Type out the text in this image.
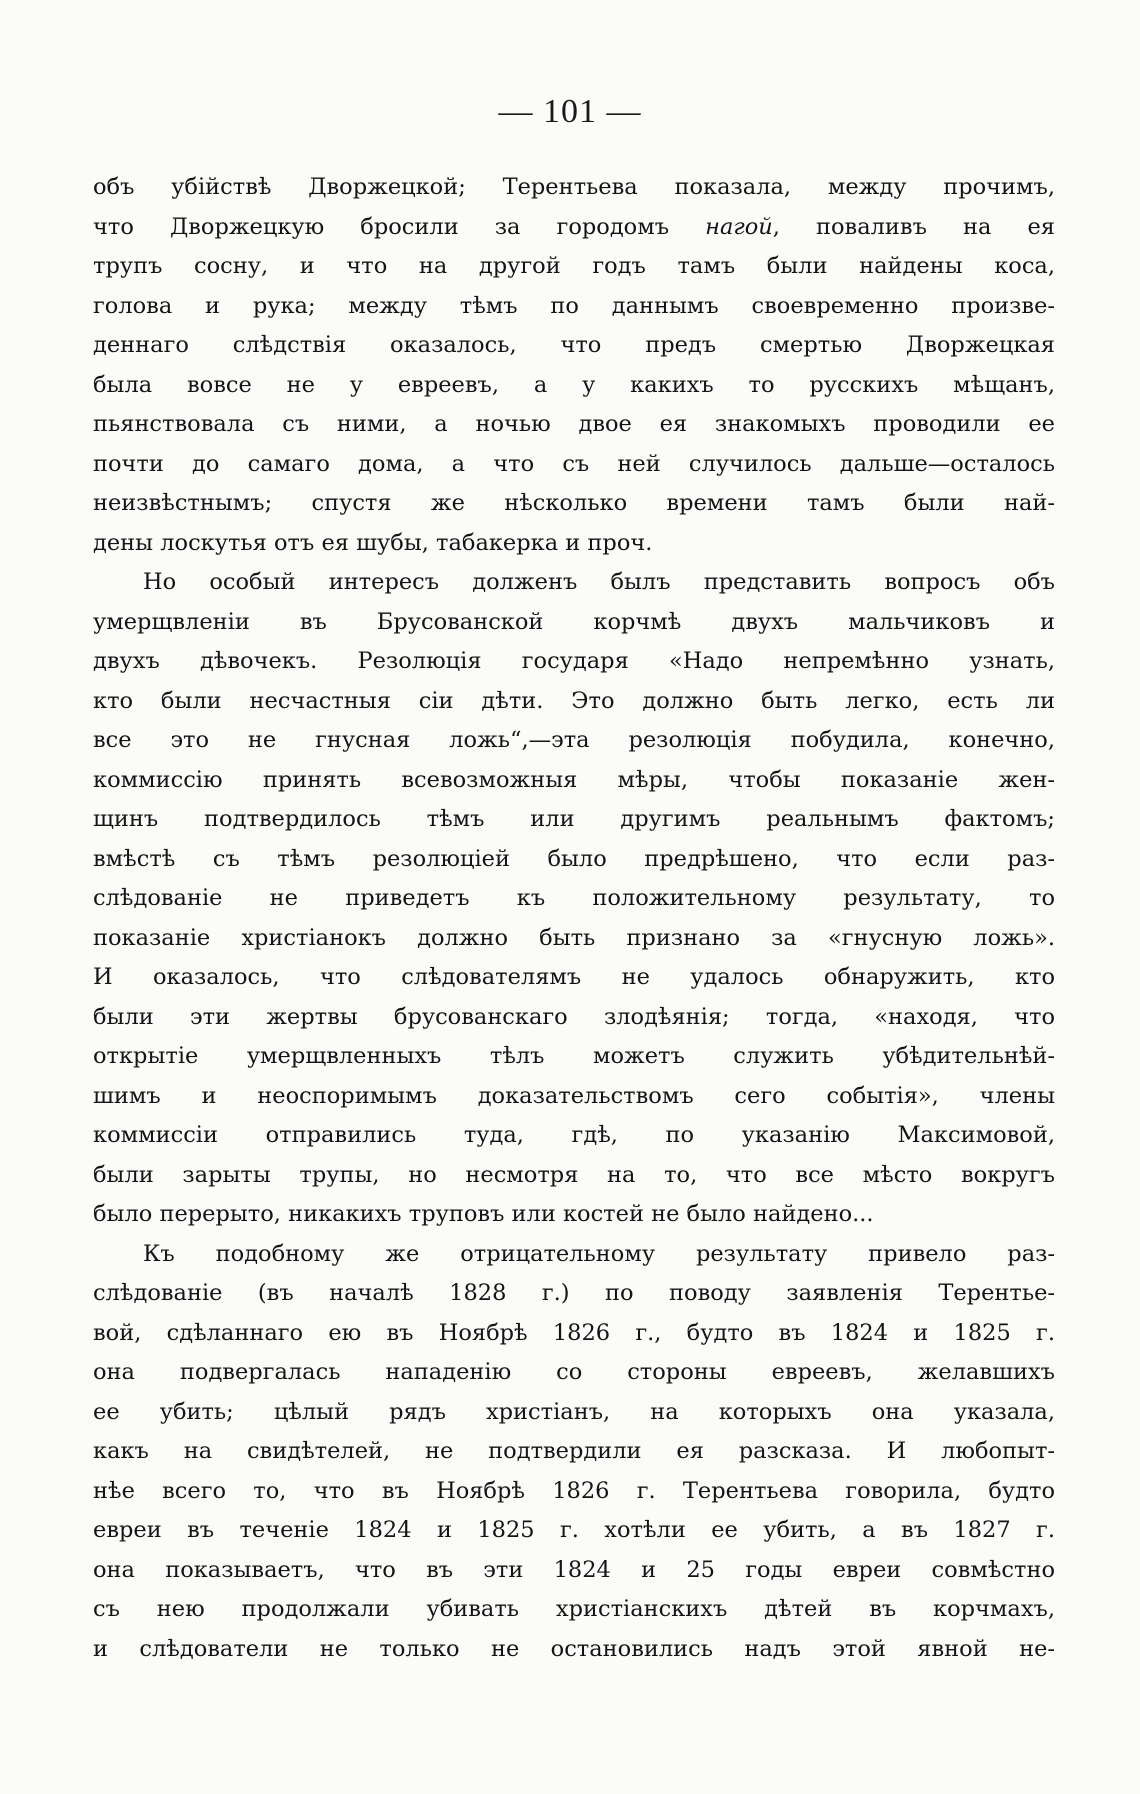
— 101 —
объ убійствѣ Дворжецкой; Терентьева показала, между прочимъ,
что Дворжецкую бросили за городомъ нагой, поваливъ на ея
трупъ сосну, и что на другой годъ тамъ были найдены коса,
голова и рука; между тѣмъ по даннымъ своевременно произве-
деннаго слѣдствія оказалось, что предъ смертью Дворжецкая
была вовсе не у евреевъ, а у какихъ то русскихъ мѣщанъ,
пьянствовала съ ними, а ночью двое ея знакомыхъ проводили ее
почти до самаго дома, а что съ ней случилось дальше—осталось
неизвѣстнымъ; спустя же нѣсколько времени тамъ были най-
дены лоскутья отъ ея шубы, табакерка и проч.
Но особый интересъ долженъ былъ представить вопросъ объ
умерщвленіи въ Брусованской корчмѣ двухъ мальчиковъ и
двухъ дѣвочекъ. Резолюція государя «Надо непремѣнно узнать,
кто были несчастныя сіи дѣти. Это должно быть легко, есть ли
все это не гнусная ложь“,—эта резолюція побудила, конечно,
коммиссію принять всевозможныя мѣры, чтобы показаніе жен-
щинъ подтвердилось тѣмъ или другимъ реальнымъ фактомъ;
вмѣстѣ съ тѣмъ резолюціей было предрѣшено, что если раз-
слѣдованіе не приведетъ къ положительному результату, то
показаніе христіанокъ должно быть признано за «гнусную ложь».
И оказалось, что слѣдователямъ не удалось обнаружить, кто
были эти жертвы брусованскаго злодѣянія; тогда, «находя, что
открытіе умерщвленныхъ тѣлъ можетъ служить убѣдительнѣй-
шимъ и неоспоримымъ доказательствомъ сего событія», члены
коммиссіи отправились туда, гдѣ, по указанію Максимовой,
были зарыты трупы, но несмотря на то, что все мѣсто вокругъ
было перерыто, никакихъ труповъ или костей не было найдено...
Къ подобному же отрицательному результату привело раз-
слѣдованіе (въ началѣ 1828 г.) по поводу заявленія Терентье-
вой, сдѣланнаго ею въ Ноябрѣ 1826 г., будто въ 1824 и 1825 г.
она подвергалась нападенію со стороны евреевъ, желавшихъ
ее убить; цѣлый рядъ христіанъ, на которыхъ она указала,
какъ на свидѣтелей, не подтвердили ея разсказа. И любопыт-
нѣе всего то, что въ Ноябрѣ 1826 г. Терентьева говорила, будто
евреи въ теченіе 1824 и 1825 г. хотѣли ее убить, а въ 1827 г.
она показываетъ, что въ эти 1824 и 25 годы евреи совмѣстно
съ нею продолжали убивать христіанскихъ дѣтей въ корчмахъ,
и слѣдователи не только не остановились надъ этой явной не-
